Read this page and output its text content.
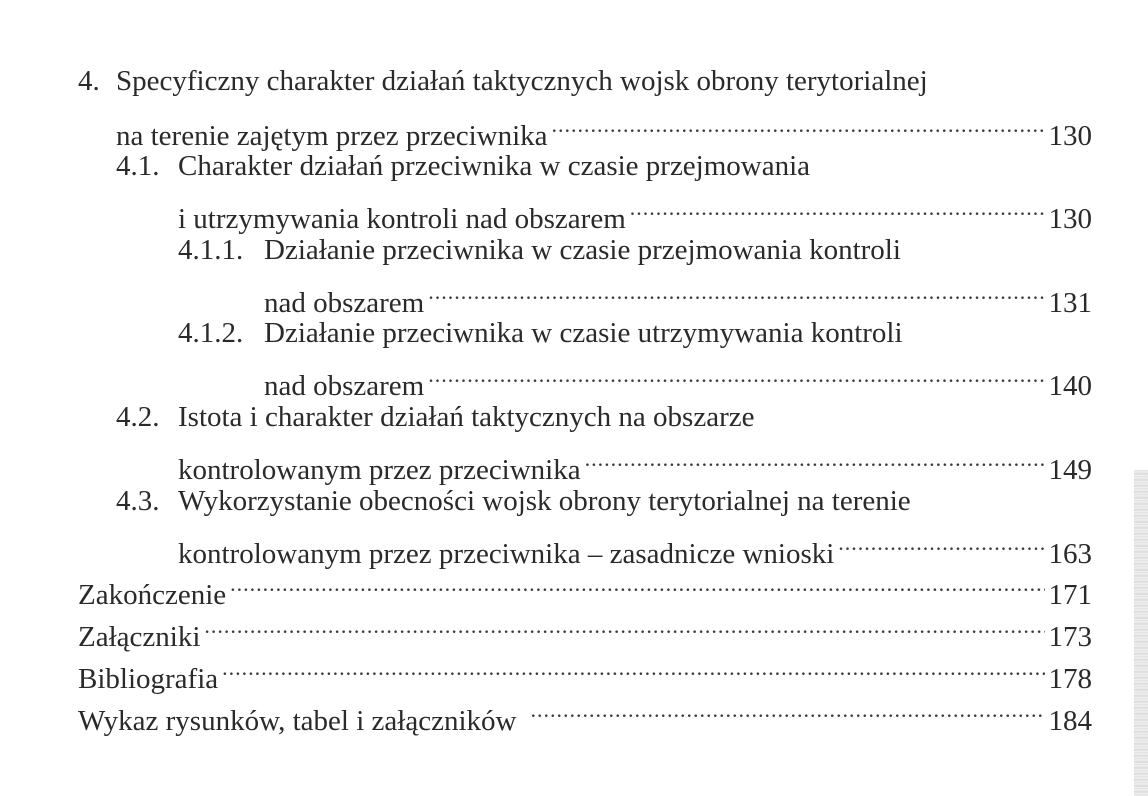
4. Specyficzny charakter działań taktycznych wojsk obrony terytorialnej
na terenie zajętym przez przeciwnika .....	130
4.1. Charakter działań przeciwnika w czasie przejmowania
i utrzymywania kontroli nad obszarem .....	130
4.1.1. Działanie przeciwnika w czasie przejmowania kontroli
nad obszarem .....	131
4.1.2. Działanie przeciwnika w czasie utrzymywania kontroli
nad obszarem .....	140
4.2. Istota i charakter działań taktycznych na obszarze
kontrolowanym przez przeciwnika .....	149
4.3. Wykorzystanie obecności wojsk obrony terytorialnej na terenie
kontrolowanym przez przeciwnika – zasadnicze wnioski .....	163
Zakończenie .....	171
Załączniki .....	173
Bibliografia .....	178
Wykaz rysunków, tabel i załączników .....	184
